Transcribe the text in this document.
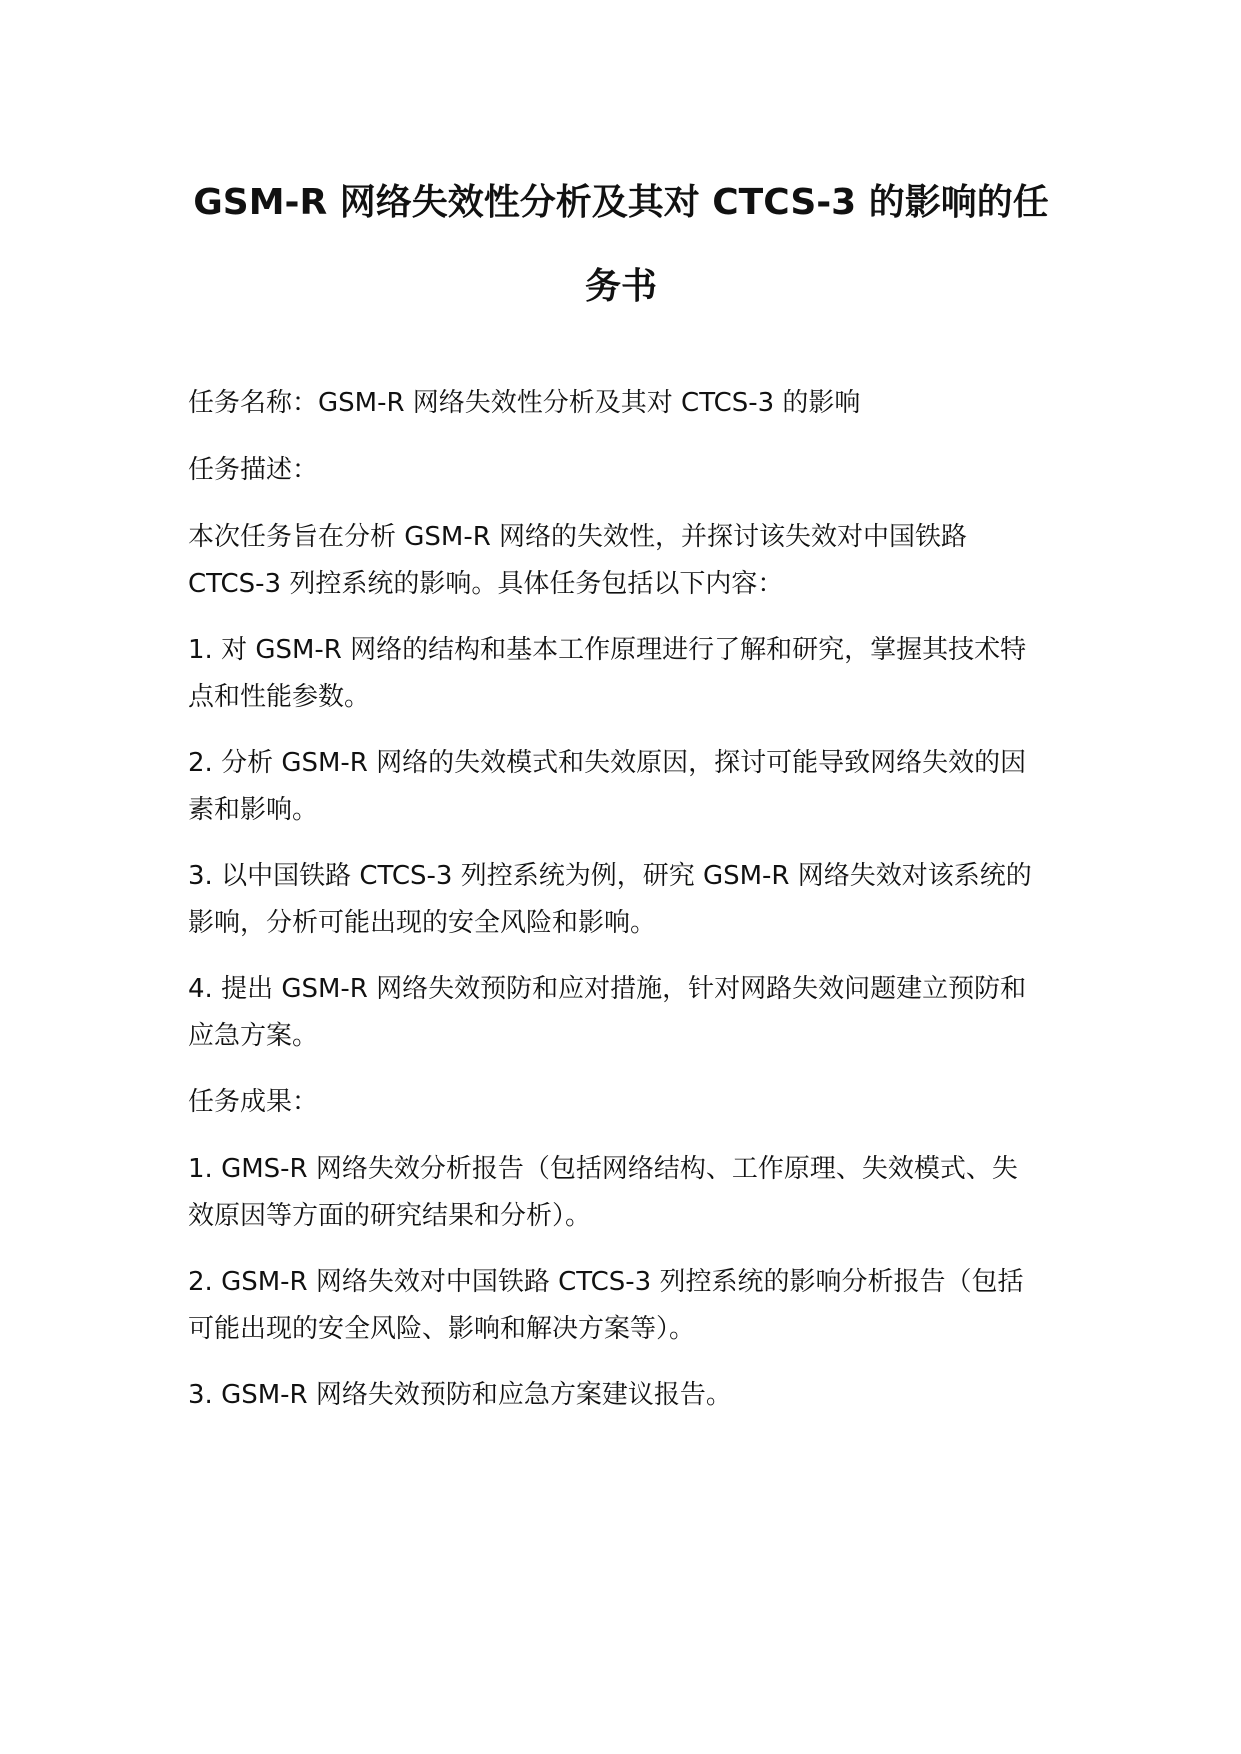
GSM-R 网络失效性分析及其对 CTCS-3 的影响的任
务书

任务名称：GSM-R 网络失效性分析及其对 CTCS-3 的影响

任务描述：

本次任务旨在分析 GSM-R 网络的失效性，并探讨该失效对中国铁路
CTCS-3 列控系统的影响。具体任务包括以下内容：

1. 对 GSM-R 网络的结构和基本工作原理进行了解和研究，掌握其技术特
点和性能参数。

2. 分析 GSM-R 网络的失效模式和失效原因，探讨可能导致网络失效的因
素和影响。

3. 以中国铁路 CTCS-3 列控系统为例，研究 GSM-R 网络失效对该系统的
影响，分析可能出现的安全风险和影响。

4. 提出 GSM-R 网络失效预防和应对措施，针对网路失效问题建立预防和
应急方案。

任务成果：

1. GMS-R 网络失效分析报告（包括网络结构、工作原理、失效模式、失
效原因等方面的研究结果和分析）。

2. GSM-R 网络失效对中国铁路 CTCS-3 列控系统的影响分析报告（包括
可能出现的安全风险、影响和解决方案等）。

3. GSM-R 网络失效预防和应急方案建议报告。
